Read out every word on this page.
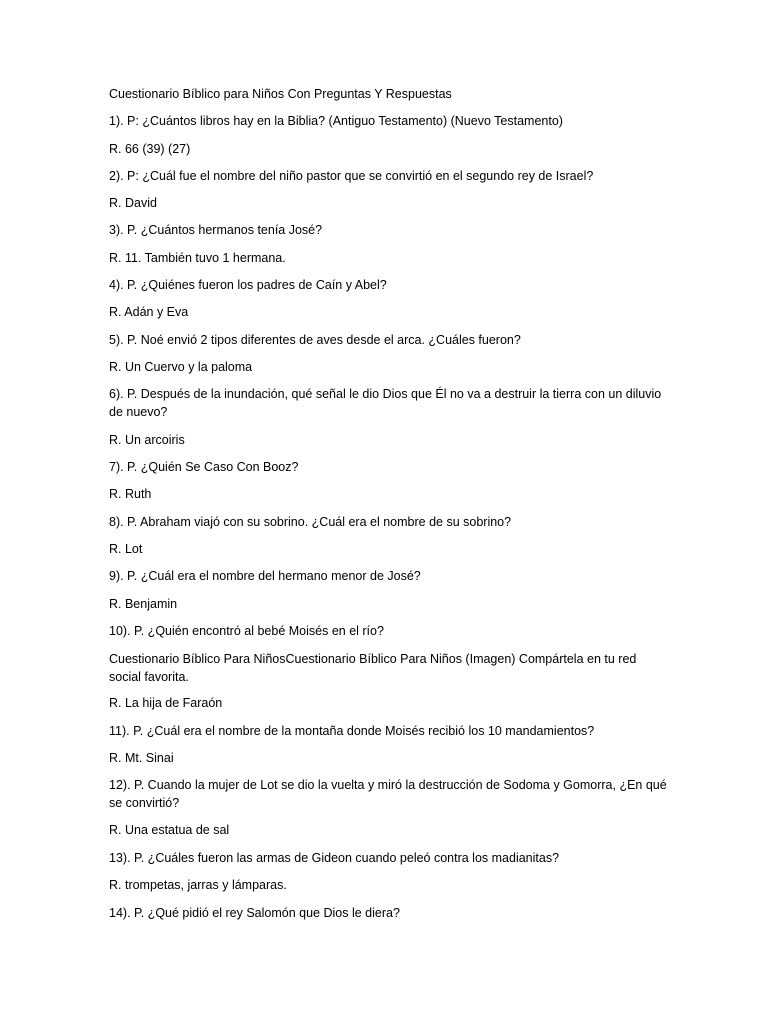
Cuestionario Bíblico para Niños Con Preguntas Y Respuestas
1). P: ¿Cuántos libros hay en la Biblia? (Antiguo Testamento) (Nuevo Testamento)
R. 66 (39) (27)
2). P: ¿Cuál fue el nombre del niño pastor que se convirtió en el segundo rey de Israel?
R. David
3). P. ¿Cuántos hermanos tenía José?
R. 11. También tuvo 1 hermana.
4). P. ¿Quiénes fueron los padres de Caín y Abel?
R. Adán y Eva
5). P. Noé envió 2 tipos diferentes de aves desde el arca. ¿Cuáles fueron?
R. Un Cuervo y la paloma
6). P. Después de la inundación, qué señal le dio Dios que Él no va a destruir la tierra con un diluvio de nuevo?
R. Un arcoiris
7). P. ¿Quién Se Caso Con Booz?
R. Ruth
8). P. Abraham viajó con su sobrino. ¿Cuál era el nombre de su sobrino?
R. Lot
9). P. ¿Cuál era el nombre del hermano menor de José?
R. Benjamin
10). P. ¿Quién encontró al bebé Moisés en el río?
Cuestionario Bíblico Para NiñosCuestionario Bíblico Para Niños (Imagen) Compártela en tu red social favorita.
R. La hija de Faraón
11). P. ¿Cuál era el nombre de la montaña donde Moisés recibió los 10 mandamientos?
R. Mt. Sinai
12). P. Cuando la mujer de Lot se dio la vuelta y miró la destrucción de Sodoma y Gomorra, ¿En qué se convirtió?
R. Una estatua de sal
13). P. ¿Cuáles fueron las armas de Gideon cuando peleó contra los madianitas?
R. trompetas, jarras y lámparas.
14). P. ¿Qué pidió el rey Salomón que Dios le diera?
